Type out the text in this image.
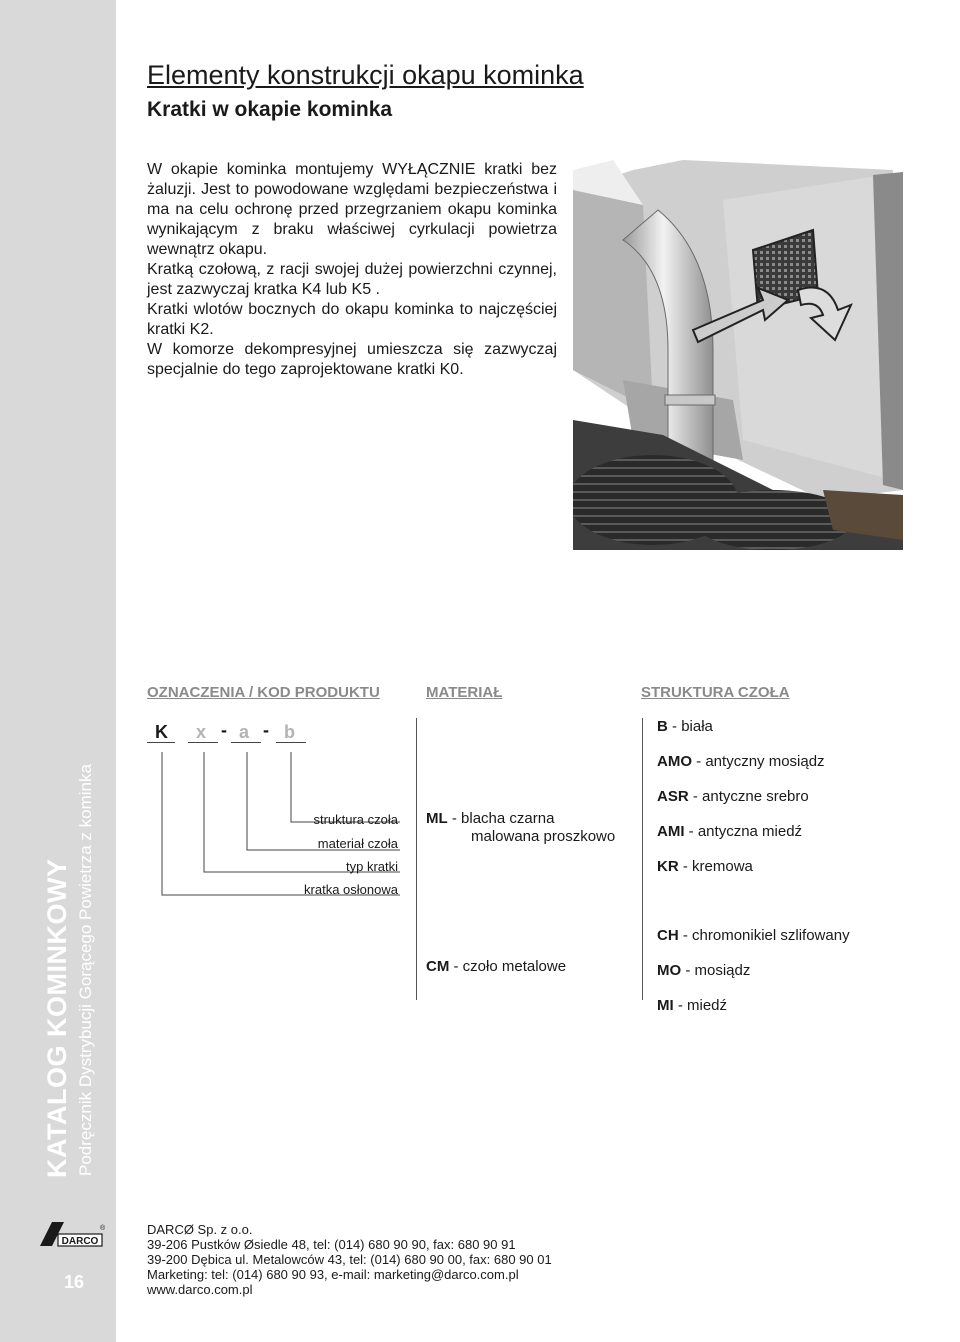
KATALOG KOMINKOWY Podręcznik Dystrybucji Gorącego Powietrza z kominka
DARCO
®
16
Elementy konstrukcji okapu kominka
Kratki w okapie kominka

W okapie kominka montujemy WYŁĄCZNIE kratki bez żaluzji. Jest to powodowane względami bezpieczeństwa i ma na celu ochronę przed przegrzaniem okapu kominka wynikającym z braku właściwej cyrkulacji powietrza wewnątrz okapu.

Kratką czołową, z racji swojej dużej powierzchni czynnej, jest zazwyczaj kratka K4 lub K5 .

Kratki wlotów bocznych do okapu kominka to najczęściej kratki K2.

W komorze dekompresyjnej umieszcza się zazwyczaj specjalnie do tego zaprojektowane kratki K0.

OZNACZENIA / KOD PRODUKTU	MATERIAŁ	STRUKTURA CZOŁA
K x - a - b
struktura czoła
materiał czoła
typ kratki
kratka osłonowa
ML - blacha czarna
malowana proszkowo
CM - czoło metalowe
B - biała
AMO - antyczny mosiądz
ASR - antyczne srebro
AMI - antyczna miedź
KR - kremowa
CH - chromonikiel szlifowany
MO - mosiądz
MI - miedź
DARCØ Sp. z o.o.
39-206 Pustków Øsiedle 48, tel: (014) 680 90 90, fax: 680 90 91
39-200 Dębica ul. Metalowców 43, tel: (014) 680 90 00, fax: 680 90 01
Marketing: tel: (014) 680 90 93, e-mail: marketing@darco.com.pl
www.darco.com.pl
